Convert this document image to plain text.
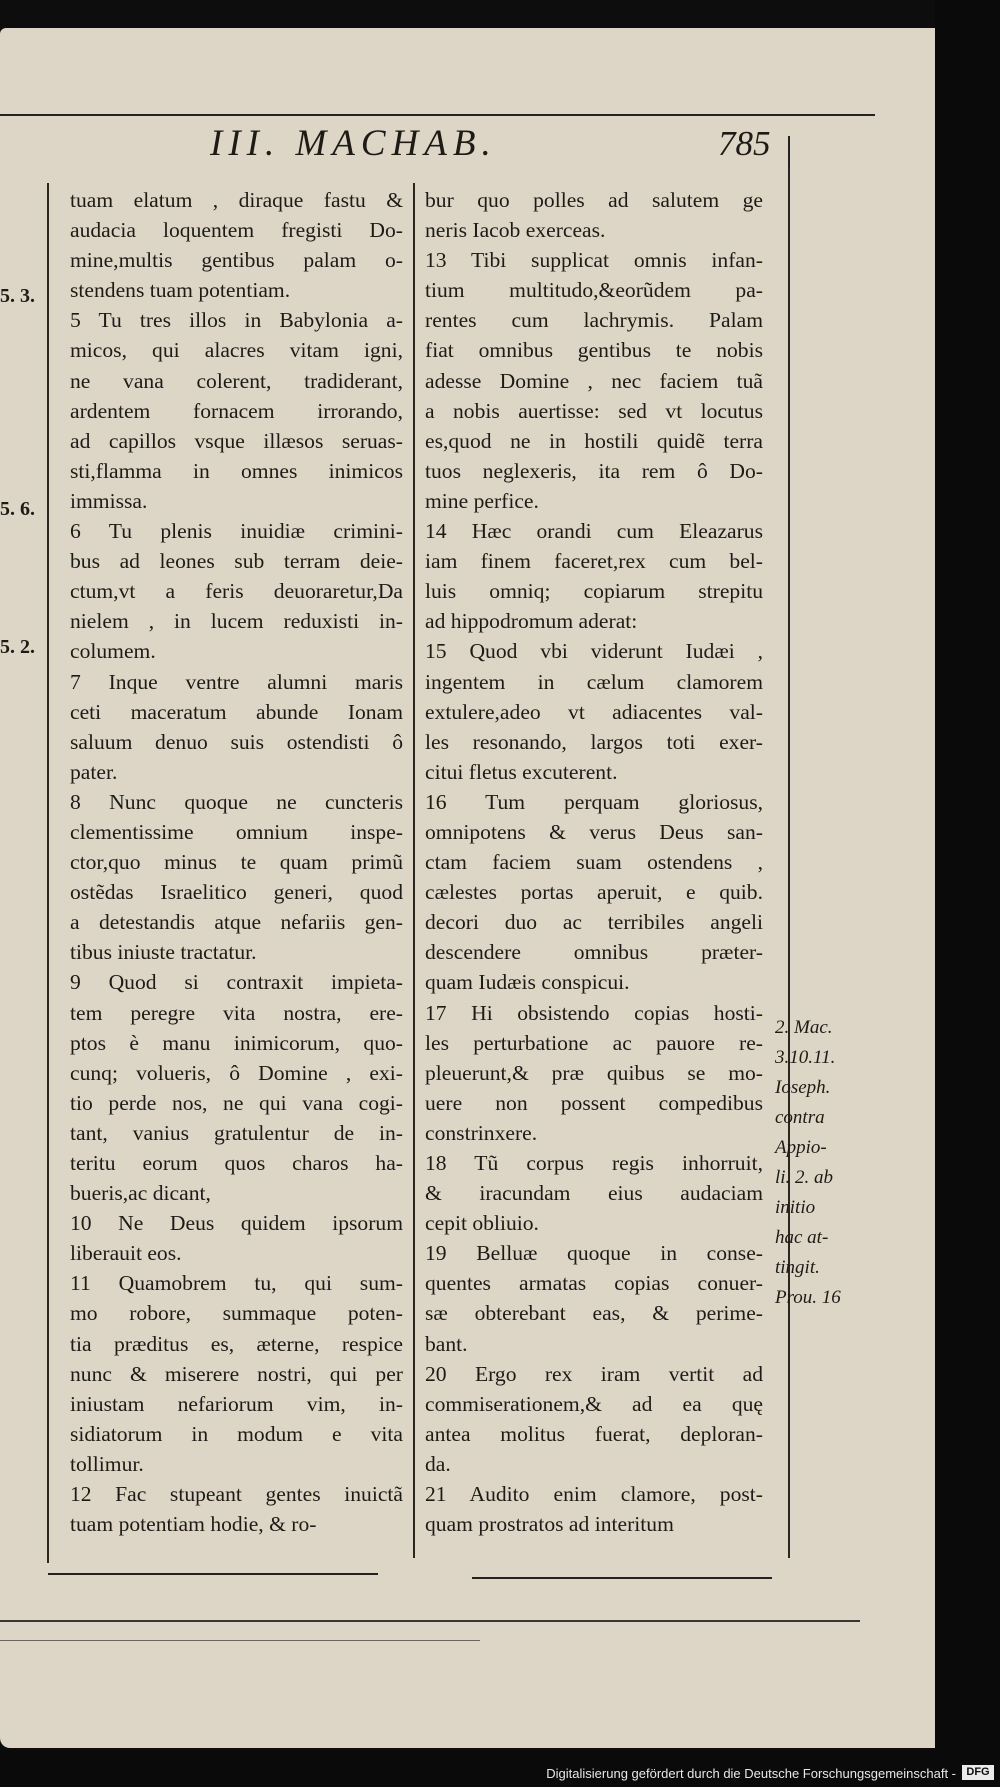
III. MACHAB.	785
5. 3.
5. 6.
5. 2.
tuam elatum , diraque fastu &
audacia loquentem fregisti Do-
mine,multis gentibus palam o-
stendens tuam potentiam.
5 Tu tres illos in Babylonia a-
micos, qui alacres vitam igni,
ne vana colerent, tradiderant,
ardentem fornacem irrorando,
ad capillos vsque illæsos seruas-
sti,flamma in omnes inimicos
immissa.
6 Tu plenis inuidiæ crimini-
bus ad leones sub terram deie-
ctum,vt a feris deuoraretur,Da
nielem , in lucem reduxisti in-
columem.
7 Inque ventre alumni maris
ceti maceratum abunde Ionam
saluum denuo suis ostendisti ô
pater.
8 Nunc quoque ne cuncteris
clementissime omnium inspe-
ctor,quo minus te quam primũ
ostẽdas Israelitico generi, quod
a detestandis atque nefariis gen-
tibus iniuste tractatur.
9 Quod si contraxit impieta-
tem peregre vita nostra, ere-
ptos è manu inimicorum, quo-
cunq; volueris, ô Domine , exi-
tio perde nos, ne qui vana cogi-
tant, vanius gratulentur de in-
teritu eorum quos charos ha-
bueris,ac dicant,
10 Ne Deus quidem ipsorum
liberauit eos.
11 Quamobrem tu, qui sum-
mo robore, summaque poten-
tia præditus es, æterne, respice
nunc & miserere nostri, qui per
iniustam nefariorum vim, in-
sidiatorum in modum e vita
tollimur.
12 Fac stupeant gentes inuictã
tuam potentiam hodie, & ro-
bur quo polles ad salutem ge
neris Iacob exerceas.
13 Tibi supplicat omnis infan-
tium multitudo,&eorũdem pa-
rentes cum lachrymis. Palam
fiat omnibus gentibus te nobis
adesse Domine , nec faciem tuã
a nobis auertisse: sed vt locutus
es,quod ne in hostili quidẽ terra
tuos neglexeris, ita rem ô Do-
mine perfice.
14 Hæc orandi cum Eleazarus
iam finem faceret,rex cum bel-
luis omniq; copiarum strepitu
ad hippodromum aderat:
15 Quod vbi viderunt Iudæi ,
ingentem in cælum clamorem
extulere,adeo vt adiacentes val-
les resonando, largos toti exer-
citui fletus excuterent.
16 Tum perquam gloriosus,
omnipotens & verus Deus san-
ctam faciem suam ostendens ,
cælestes portas aperuit, e quib.
decori duo ac terribiles angeli
descendere omnibus præter-
quam Iudæis conspicui.
17 Hi obsistendo copias hosti-
les perturbatione ac pauore re-
pleuerunt,& præ quibus se mo-
uere non possent compedibus
constrinxere.
18 Tũ corpus regis inhorruit,
& iracundam eius audaciam
cepit obliuio.
19 Belluæ quoque in conse-
quentes armatas copias conuer-
sæ obterebant eas, & perime-
bant.
20 Ergo rex iram vertit ad
commiserationem,& ad ea quę
antea molitus fuerat, deploran-
da.
21 Audito enim clamore, post-
quam prostratos ad interitum
2. Mac.
3.10.11.
Ioseph.
contra
Appio-
li. 2. ab
initio
hac at-
tingit.
Prou. 16
Digitalisierung gefördert durch die Deutsche Forschungsgemeinschaft - DFG
